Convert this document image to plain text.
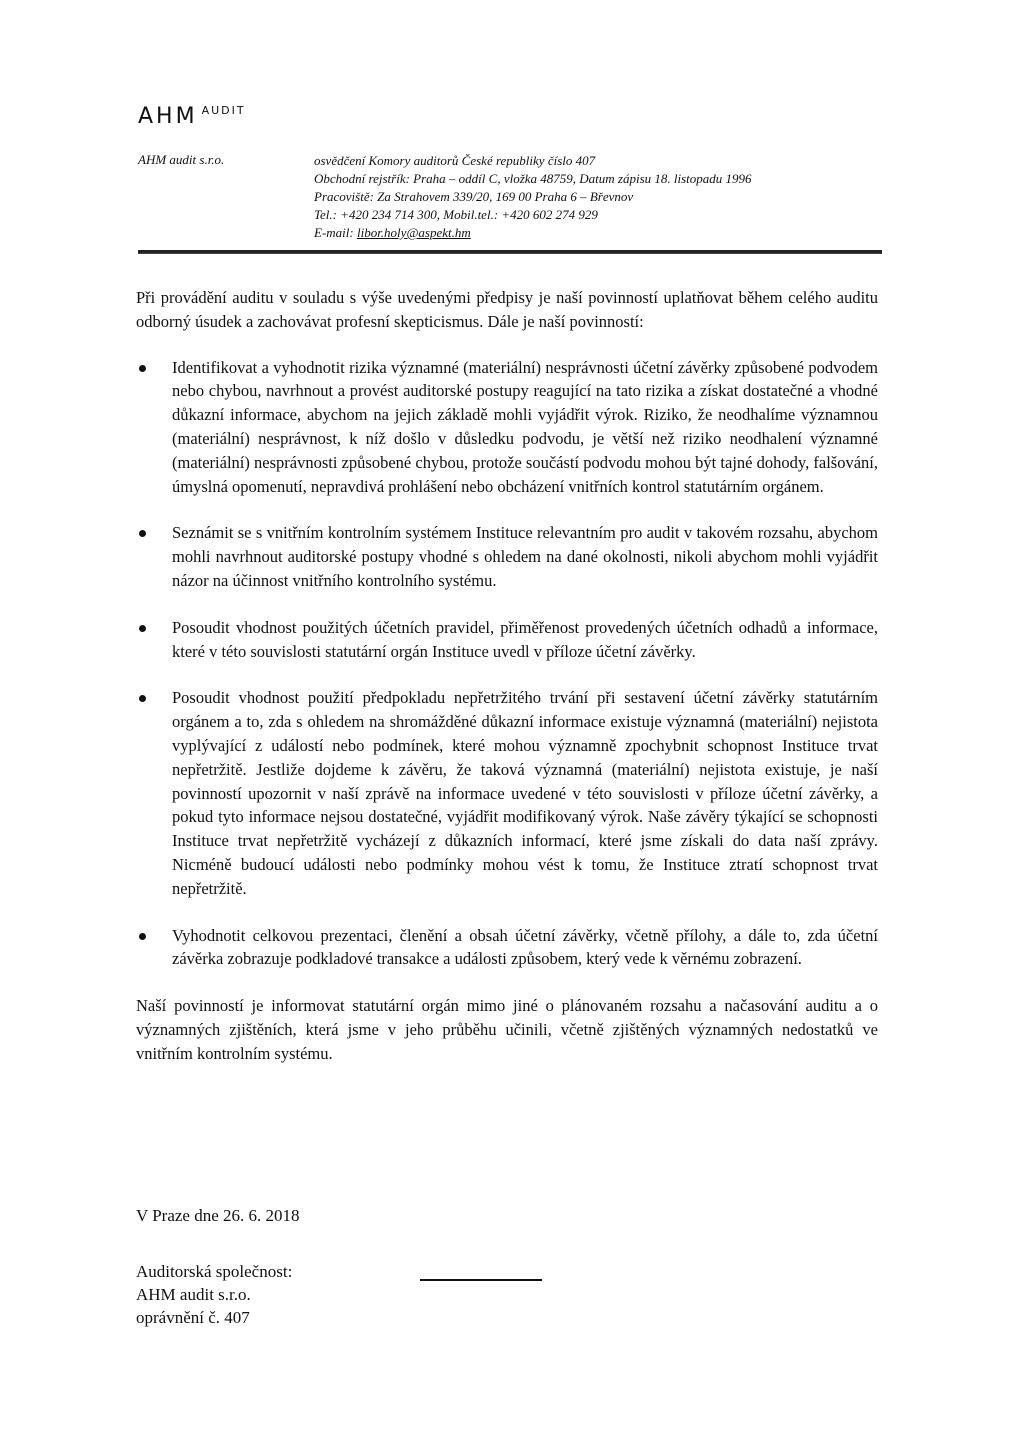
AHM $^{AUDIT}$
AHM audit s.r.o.	osvědčení Komory auditorů České republiky číslo 407
Obchodní rejstřík: Praha – oddíl C, vložka 48759, Datum zápisu 18. listopadu 1996
Pracoviště: Za Strahovem 339/20, 169 00 Praha 6 – Břevnov
Tel.: +420 234 714 300, Mobil.tel.: +420 602 274 929
E-mail: libor.holy@aspekt.hm

Při provádění auditu v souladu s výše uvedenými předpisy je naší povinností uplatňovat během celého auditu odborný úsudek a zachovávat profesní skepticismus. Dále je naší povinností:

Identifikovat a vyhodnotit rizika významné (materiální) nesprávnosti účetní závěrky způsobené podvodem nebo chybou, navrhnout a provést auditorské postupy reagující na tato rizika a získat dostatečné a vhodné důkazní informace, abychom na jejich základě mohli vyjádřit výrok. Riziko, že neodhalíme významnou (materiální) nesprávnost, k níž došlo v důsledku podvodu, je větší než riziko neodhalení významné (materiální) nesprávnosti způsobené chybou, protože součástí podvodu mohou být tajné dohody, falšování, úmyslná opomenutí, nepravdivá prohlášení nebo obcházení vnitřních kontrol statutárním orgánem.
Seznámit se s vnitřním kontrolním systémem Instituce relevantním pro audit v takovém rozsahu, abychom mohli navrhnout auditorské postupy vhodné s ohledem na dané okolnosti, nikoli abychom mohli vyjádřit názor na účinnost vnitřního kontrolního systému.
Posoudit vhodnost použitých účetních pravidel, přiměřenost provedených účetních odhadů a informace, které v této souvislosti statutární orgán Instituce uvedl v příloze účetní závěrky.
Posoudit vhodnost použití předpokladu nepřetržitého trvání při sestavení účetní závěrky statutárním orgánem a to, zda s ohledem na shromážděné důkazní informace existuje významná (materiální) nejistota vyplývající z událostí nebo podmínek, které mohou významně zpochybnit schopnost Instituce trvat nepřetržitě. Jestliže dojdeme k závěru, že taková významná (materiální) nejistota existuje, je naší povinností upozornit v naší zprávě na informace uvedené v této souvislosti v příloze účetní závěrky, a pokud tyto informace nejsou dostatečné, vyjádřit modifikovaný výrok. Naše závěry týkající se schopnosti Instituce trvat nepřetržitě vycházejí z důkazních informací, které jsme získali do data naší zprávy. Nicméně budoucí události nebo podmínky mohou vést k tomu, že Instituce ztratí schopnost trvat nepřetržitě.
Vyhodnotit celkovou prezentaci, členění a obsah účetní závěrky, včetně přílohy, a dále to, zda účetní závěrka zobrazuje podkladové transakce a události způsobem, který vede k věrnému zobrazení.

Naší povinností je informovat statutární orgán mimo jiné o plánovaném rozsahu a načasování auditu a o významných zjištěních, která jsme v jeho průběhu učinili, včetně zjištěných významných nedostatků ve vnitřním kontrolním systému.

V Praze dne 26. 6. 2018
Auditorská společnost:
AHM audit s.r.o.
oprávnění č. 407
